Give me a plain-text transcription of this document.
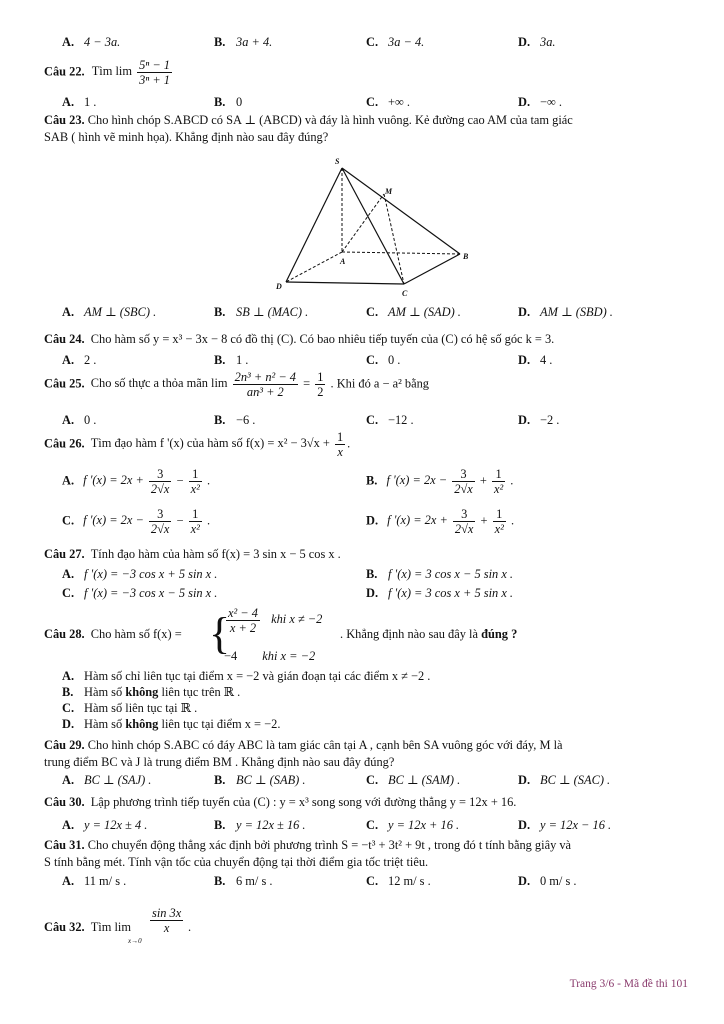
A. 4 − 3a.	B. 3a + 4.	C. 3a − 4.	D. 3a.
Câu 22. Tìm $\lim \frac{\text{5ⁿ − 1}}{\text{3ⁿ + 1}}$
A. 1 .	B. 0	C. +∞ .	D. −∞ .
Câu 23. Cho hình chóp S.ABCD có SA ⊥ (ABCD) và đáy là hình vuông. Kẻ đường cao AM của tam giác
SAB ( hình vẽ minh họa). Khẳng định nào sau đây đúng?
S
M
A
B
C
D
A. AM ⊥ (SBC) .	B. SB ⊥ (MAC) .	C. AM ⊥ (SAD) .	D. AM ⊥ (SBD) .
Câu 24. Cho hàm số y = x³ − 3x − 8 có đồ thị (C). Có bao nhiêu tiếp tuyến của (C) có hệ số góc k = 3.
A. 2 .	B. 1 .	C. 0 .	D. 4 .
Câu 25. Cho số thực a thỏa mãn $\lim \frac{\text{2n³ + n² − 4}}{\text{an³ + 2}} = \frac{1}{2}$ . Khi đó a − a² bằng
A. 0 .	B. −6 .	C. −12 .	D. −2 .
Câu 26. Tìm đạo hàm f '(x) của hàm số $f(x) = x^2 - 3√x + \frac{1}{x}$ .
A. f '$(x) = 2x + \frac{3}{2√x} - \frac{1}{\text{x²}}$ .	B. f '$(x) = 2x - \frac{3}{2√x} + \frac{1}{\text{x²}}$ .
C. f '$(x) = 2x - \frac{3}{2√x} - \frac{1}{\text{x²}}$ .	D. f '$(x) = 2x + \frac{3}{2√x} + \frac{1}{\text{x²}}$ .
Câu 27. Tính đạo hàm của hàm số f(x) = 3 sin x − 5 cos x .
A. f '(x) = −3 cos x + 5 sin x .	B. f '(x) = 3 cos x − 5 sin x .
C. f '(x) = −3 cos x − 5 sin x .	D. f '(x) = 3 cos x + 5 sin x .
Câu 28. Cho hàm số f(x) = {
$\frac{\text{x² − 4}}{x + 2}$ khi x ≠ −2
−4 khi x = −2
. Khẳng định nào sau đây là đúng ?
A. Hàm số chỉ liên tục tại điểm x = −2 và gián đoạn tại các điểm x ≠ −2 .
B. Hàm số không liên tục trên ℝ .
C. Hàm số liên tục tại ℝ .
D. Hàm số không liên tục tại điểm x = −2.
Câu 29. Cho hình chóp S.ABC có đáy ABC là tam giác cân tại A , cạnh bên SA vuông góc với đáy, M là
trung điểm BC và J là trung điểm BM . Khẳng định nào sau đây đúng?
A. BC ⊥ (SAJ) .	B. BC ⊥ (SAB) .	C. BC ⊥ (SAM) .	D. BC ⊥ (SAC) .
Câu 30. Lập phương trình tiếp tuyến của (C) : y = x³ song song với đường thẳng y = 12x + 16.
A. y = 12x ± 4 .	B. y = 12x ± 16 .	C. y = 12x + 16 .	D. y = 12x − 16 .
Câu 31. Cho chuyển động thẳng xác định bởi phương trình S = −t³ + 3t² + 9t , trong đó t tính bằng giây và
S tính bằng mét. Tính vận tốc của chuyển động tại thời điểm gia tốc triệt tiêu.
A. 11 m/ s .	B. 6 m/ s .	C. 12 m/ s .	D. 0 m/ s .
Câu 32. Tìm lim
x→0
$\frac{\sin 3x}{x}$ .
Trang 3/6 - Mã đề thi 101
